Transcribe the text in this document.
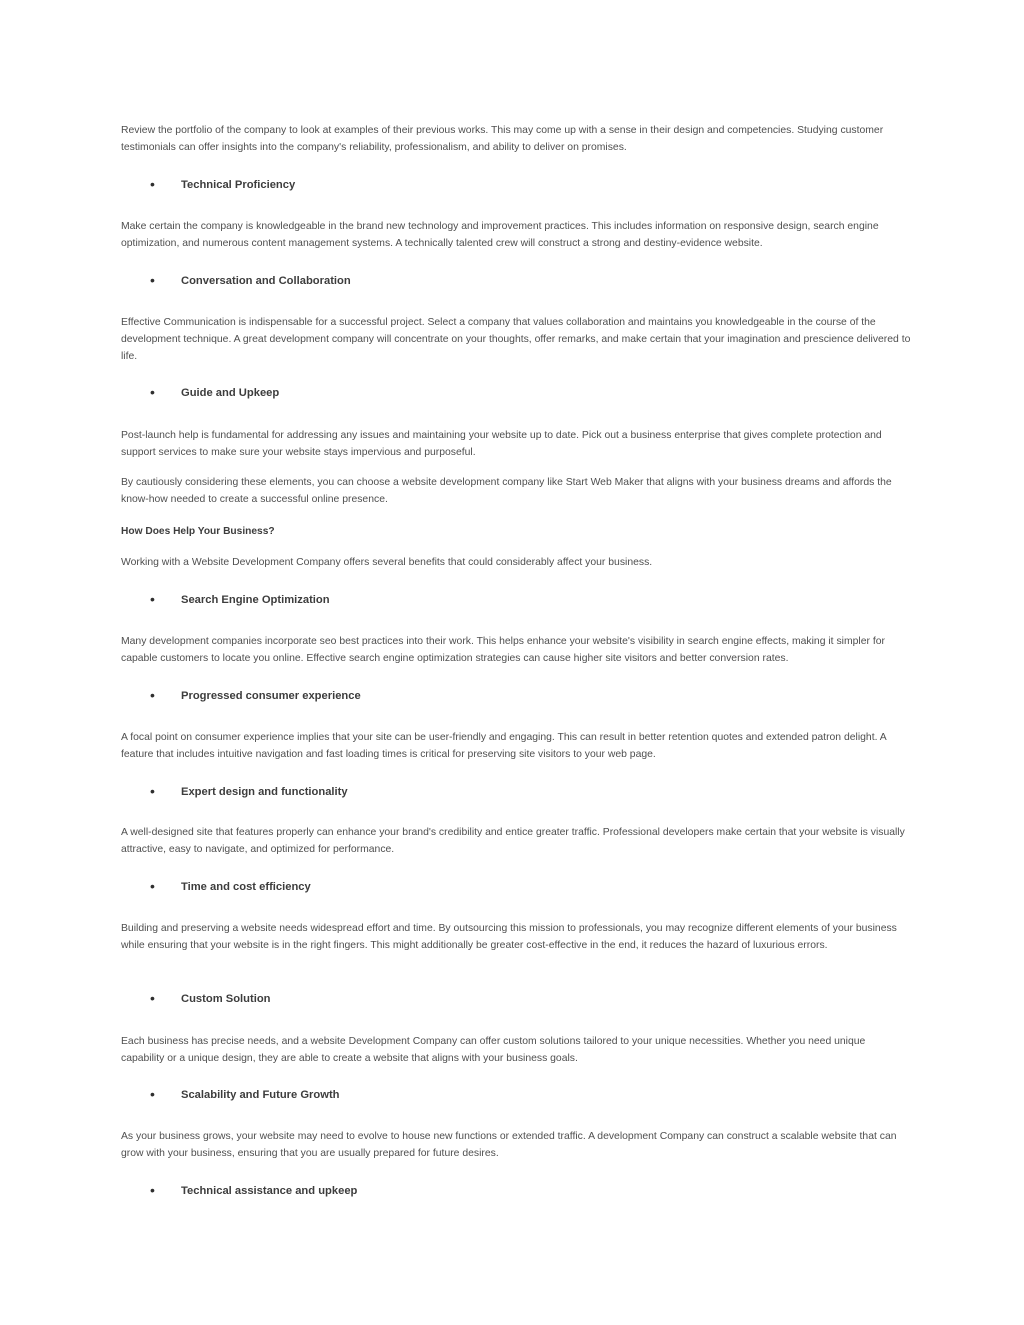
Review the portfolio of the company to look at examples of their previous works. This may come up with a sense in their design and competencies. Studying customer testimonials can offer insights into the company's reliability, professionalism, and ability to deliver on promises.

•	Technical Proficiency

Make certain the company is knowledgeable in the brand new technology and improvement practices. This includes information on responsive design, search engine optimization, and numerous content management systems. A technically talented crew will construct a strong and destiny-evidence website.

•	Conversation and Collaboration

Effective Communication is indispensable for a successful project. Select a company that values collaboration and maintains you knowledgeable in the course of the development technique. A great development company will concentrate on your thoughts, offer remarks, and make certain that your imagination and prescience delivered to life.

•	Guide and Upkeep

Post-launch help is fundamental for addressing any issues and maintaining your website up to date. Pick out a business enterprise that gives complete protection and support services to make sure your website stays impervious and purposeful.

By cautiously considering these elements, you can choose a website development company like Start Web Maker that aligns with your business dreams and affords the know-how needed to create a successful online presence.

How Does Help Your Business?

Working with a Website Development Company offers several benefits that could considerably affect your business.

•	Search Engine Optimization

Many development companies incorporate seo best practices into their work. This helps enhance your website's visibility in search engine effects, making it simpler for capable customers to locate you online. Effective search engine optimization strategies can cause higher site visitors and better conversion rates.

•	Progressed consumer experience

A focal point on consumer experience implies that your site can be user-friendly and engaging. This can result in better retention quotes and extended patron delight. A feature that includes intuitive navigation and fast loading times is critical for preserving site visitors to your web page.

•	Expert design and functionality

A well-designed site that features properly can enhance your brand's credibility and entice greater traffic. Professional developers make certain that your website is visually attractive, easy to navigate, and optimized for performance.

•	Time and cost efficiency

Building and preserving a website needs widespread effort and time. By outsourcing this mission to professionals, you may recognize different elements of your business while ensuring that your website is in the right fingers. This might additionally be greater cost-effective in the end, it reduces the hazard of luxurious errors.

•	Custom Solution

Each business has precise needs, and a website Development Company can offer custom solutions tailored to your unique necessities. Whether you need unique capability or a unique design, they are able to create a website that aligns with your business goals.

•	Scalability and Future Growth

As your business grows, your website may need to evolve to house new functions or extended traffic. A development Company can construct a scalable website that can grow with your business, ensuring that you are usually prepared for future desires.

•	Technical assistance and upkeep
